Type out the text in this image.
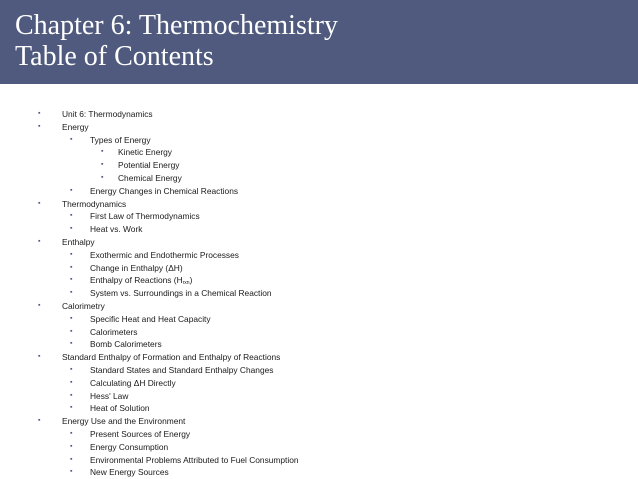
Chapter 6: Thermochemistry
Table of Contents
▪	Unit 6: Thermodynamics
▪	Energy
▪ Types of Energy
▪ Kinetic Energy
▪ Potential Energy
▪ Chemical Energy
▪ Energy Changes in Chemical Reactions
▪	Thermodynamics
▪ First Law of Thermodynamics
▪ Heat vs. Work
▪	Enthalpy
▪ Exothermic and Endothermic Processes
▪ Change in Enthalpy (ΔH)
▪ Enthalpy of Reactions $(H_{rxn})$
▪ System vs. Surroundings in a Chemical Reaction
▪	Calorimetry
▪ Specific Heat and Heat Capacity
▪ Calorimeters
▪ Bomb Calorimeters
▪	Standard Enthalpy of Formation and Enthalpy of Reactions
▪ Standard States and Standard Enthalpy Changes
▪ Calculating ΔH Directly
▪ Hess' Law
▪ Heat of Solution
▪	Energy Use and the Environment
▪ Present Sources of Energy
▪ Energy Consumption
▪ Environmental Problems Attributed to Fuel Consumption
▪ New Energy Sources
